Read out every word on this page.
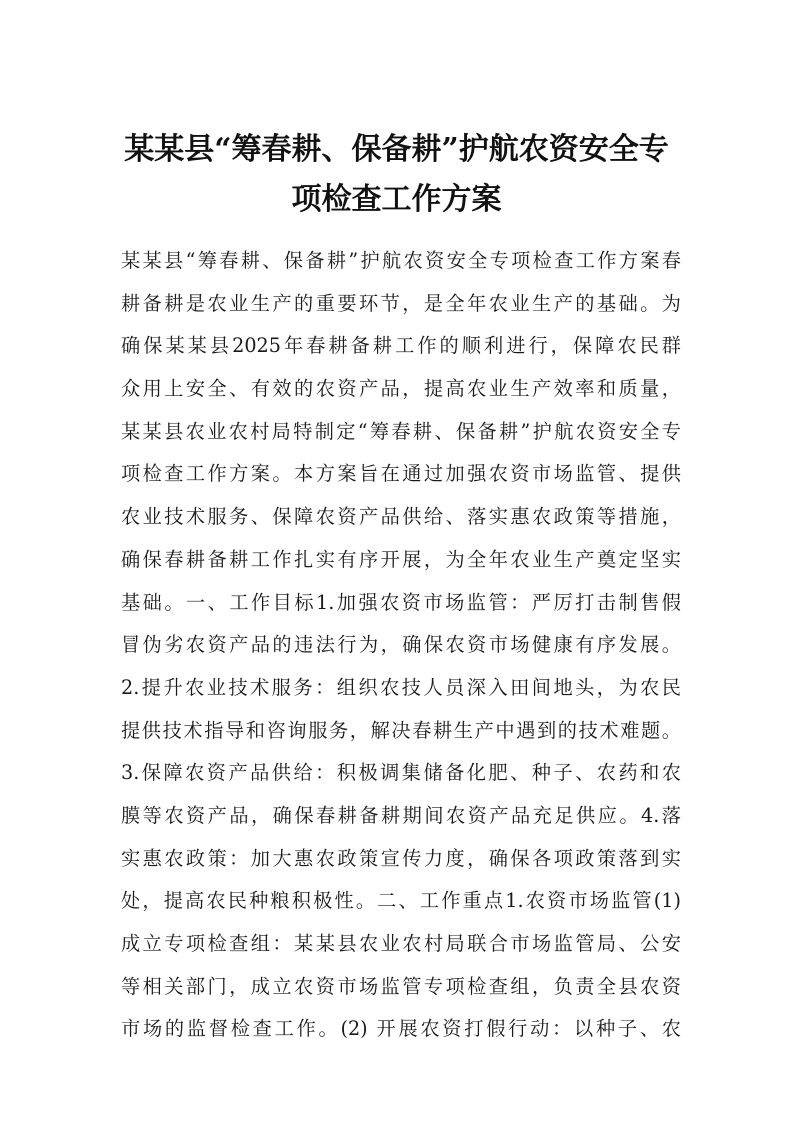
某某县“筹春耕、保备耕”护航农资安全专
项检查工作方案
某某县“筹春耕、保备耕”护航农资安全专项检查工作方案春
耕备耕是农业生产的重要环节，是全年农业生产的基础。为
确保某某县2025年春耕备耕工作的顺利进行，保障农民群
众用上安全、有效的农资产品，提高农业生产效率和质量，
某某县农业农村局特制定“筹春耕、保备耕”护航农资安全专
项检查工作方案。本方案旨在通过加强农资市场监管、提供
农业技术服务、保障农资产品供给、落实惠农政策等措施，
确保春耕备耕工作扎实有序开展，为全年农业生产奠定坚实
基础。一、工作目标1.加强农资市场监管：严厉打击制售假
冒伪劣农资产品的违法行为，确保农资市场健康有序发展。
2.提升农业技术服务：组织农技人员深入田间地头，为农民
提供技术指导和咨询服务，解决春耕生产中遇到的技术难题。
3.保障农资产品供给：积极调集储备化肥、种子、农药和农
膜等农资产品，确保春耕备耕期间农资产品充足供应。4.落
实惠农政策：加大惠农政策宣传力度，确保各项政策落到实
处，提高农民种粮积极性。二、工作重点1.农资市场监管(1)
成立专项检查组：某某县农业农村局联合市场监管局、公安
等相关部门，成立农资市场监管专项检查组，负责全县农资
市场的监督检查工作。(2) 开展农资打假行动：以种子、农
